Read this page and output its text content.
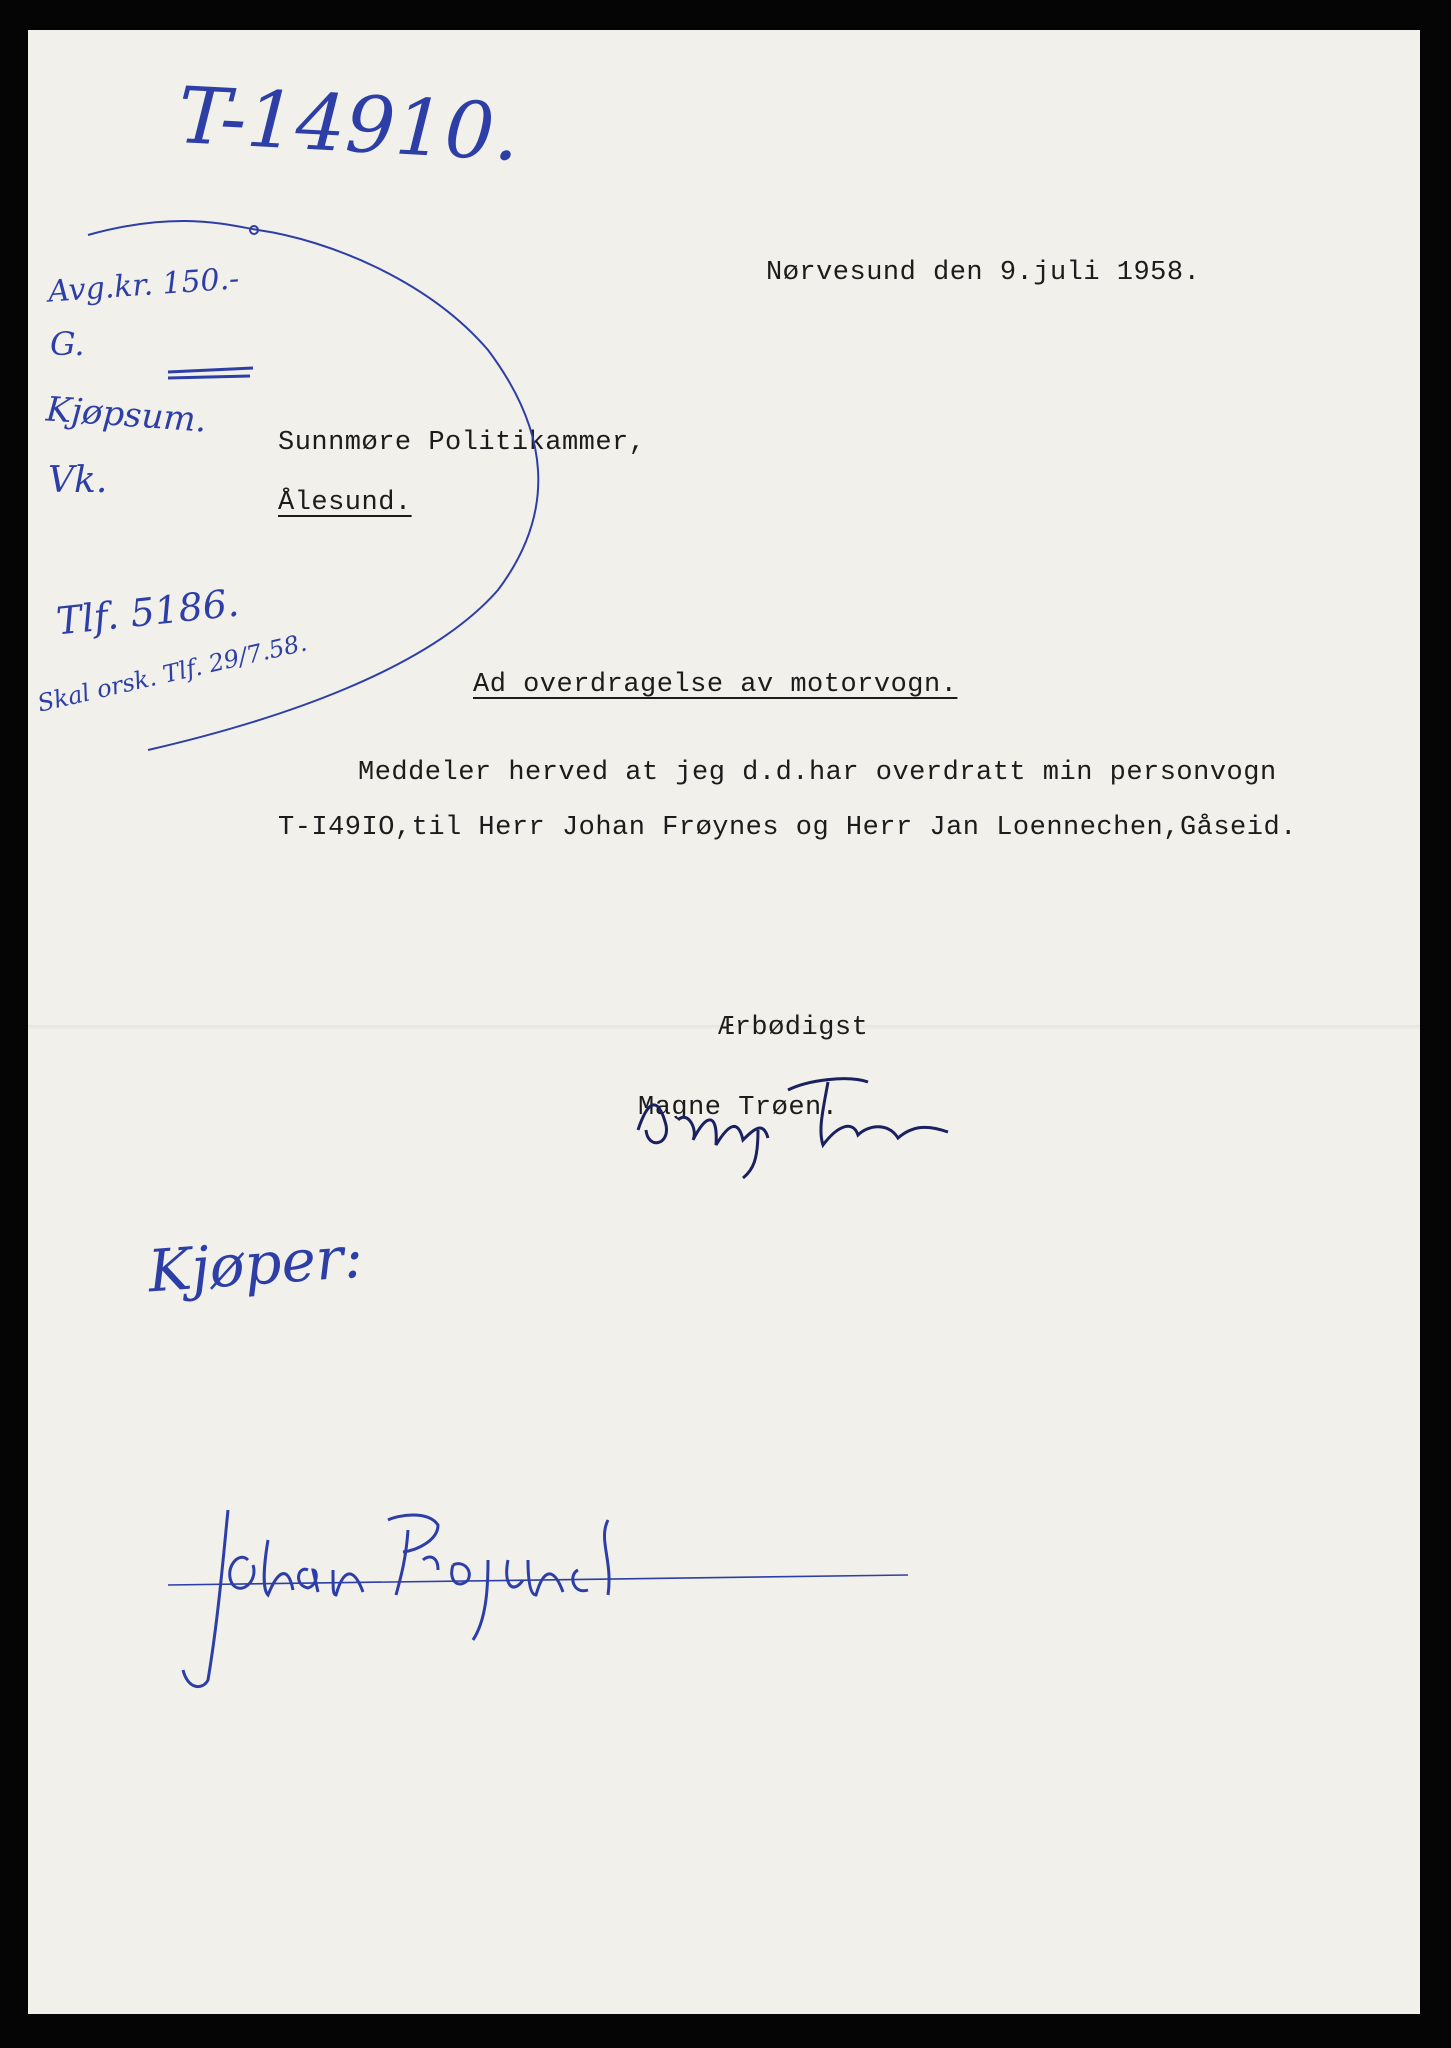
Nørvesund den 9.juli 1958.
Sunnmøre Politikammer,
Ålesund.
Ad overdragelse av motorvogn.
Meddeler herved at jeg d.d.har overdratt min personvogn
T-I49IO,til Herr Johan Frøynes og Herr Jan Loennechen,Gåseid.
Ærbødigst
Magne Trøen.
T-14910.
Avg.kr. 150.-
G.
Kjøpsum.
Vk.
Tlf. 5186.
Skal orsk. Tlf. 29/7.58.
Kjøper:
